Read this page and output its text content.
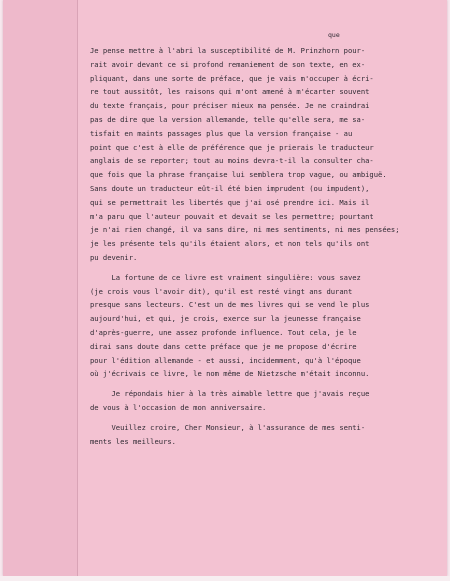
que
Je pense mettre à l'abri la susceptibilité de M. Prinzhorn pour-
rait avoir devant ce si profond remaniement de son texte, en ex-
pliquant, dans une sorte de préface, que je vais m'occuper à écri-
re tout aussitôt, les raisons qui m'ont amené à m'écarter souvent
du texte français, pour préciser mieux ma pensée. Je ne craindrai
pas de dire que la version allemande, telle qu'elle sera, me sa-
tisfait en maints passages plus que la version française - au
point que c'est à elle de préférence que je prierais le traducteur
anglais de se reporter; tout au moins devra-t-il la consulter cha-
que fois que la phrase française lui semblera trop vague, ou ambiguë.
Sans doute un traducteur eût-il été bien imprudent (ou impudent),
qui se permettrait les libertés que j'ai osé prendre ici. Mais il
m'a paru que l'auteur pouvait et devait se les permettre; pourtant
je n'ai rien changé, il va sans dire, ni mes sentiments, ni mes pensées;
je les présente tels qu'ils étaient alors, et non tels qu'ils ont
pu devenir.
La fortune de ce livre est vraiment singulière: vous savez
(je crois vous l'avoir dit), qu'il est resté vingt ans durant
presque sans lecteurs. C'est un de mes livres qui se vend le plus
aujourd'hui, et qui, je crois, exerce sur la jeunesse française
d'après-guerre, une assez profonde influence. Tout cela, je le
dirai sans doute dans cette préface que je me propose d'écrire
pour l'édition allemande - et aussi, incidemment, qu'à l'époque
où j'écrivais ce livre, le nom même de Nietzsche m'était inconnu.
Je répondais hier à la très aimable lettre que j'avais reçue
de vous à l'occasion de mon anniversaire.
Veuillez croire, Cher Monsieur, à l'assurance de mes senti-
ments les meilleurs.
